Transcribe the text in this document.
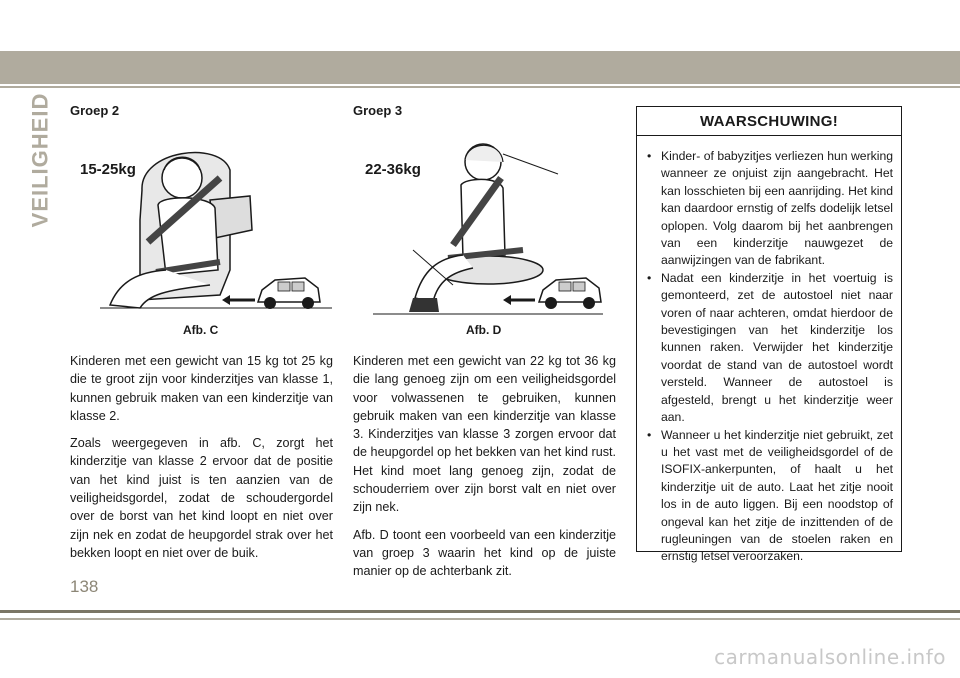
VEILIGHEID Groep 2
15-25kg
Afb. C

Kinderen met een gewicht van 15 kg tot 25 kg die te groot zijn voor kinderzitjes van klasse 1, kunnen gebruik maken van een kinderzitje van klasse 2.

Zoals weergegeven in afb. C, zorgt het kinderzitje van klasse 2 ervoor dat de positie van het kind juist is ten aanzien van de veiligheidsgordel, zodat de schoudergordel over de borst van het kind loopt en niet over zijn nek en zodat de heupgordel strak over het bekken loopt en niet over de buik.

Groep 3
22-36kg
Afb. D

Kinderen met een gewicht van 22 kg tot 36 kg die lang genoeg zijn om een veiligheidsgordel voor volwassenen te gebruiken, kunnen gebruik maken van een kinderzitje van klasse 3. Kinderzitjes van klasse 3 zorgen ervoor dat de heupgordel op het bekken van het kind rust. Het kind moet lang genoeg zijn, zodat de schouderriem over zijn borst valt en niet over zijn nek.

Afb. D toont een voorbeeld van een kinderzitje van groep 3 waarin het kind op de juiste manier op de achterbank zit.

WAARSCHUWING!
• Kinder- of babyzitjes verliezen hun werking wanneer ze onjuist zijn aangebracht. Het kan losschieten bij een aanrijding. Het kind kan daardoor ernstig of zelfs dodelijk letsel oplopen. Volg daarom bij het aanbrengen van een kinderzitje nauwgezet de aanwijzingen van de fabrikant.
• Nadat een kinderzitje in het voertuig is gemonteerd, zet de autostoel niet naar voren of naar achteren, omdat hierdoor de bevestigingen van het kinderzitje los kunnen raken. Verwijder het kinderzitje voordat de stand van de autostoel wordt versteld. Wanneer de autostoel is afgesteld, brengt u het kinderzitje weer aan.
• Wanneer u het kinderzitje niet gebruikt, zet u het vast met de veiligheidsgordel of de ISOFIX-ankerpunten, of haalt u het kinderzitje uit de auto. Laat het zitje nooit los in de auto liggen. Bij een noodstop of ongeval kan het zitje de inzittenden of de rugleuningen van de stoelen raken en ernstig letsel veroorzaken.
138
carmanualsonline.info
